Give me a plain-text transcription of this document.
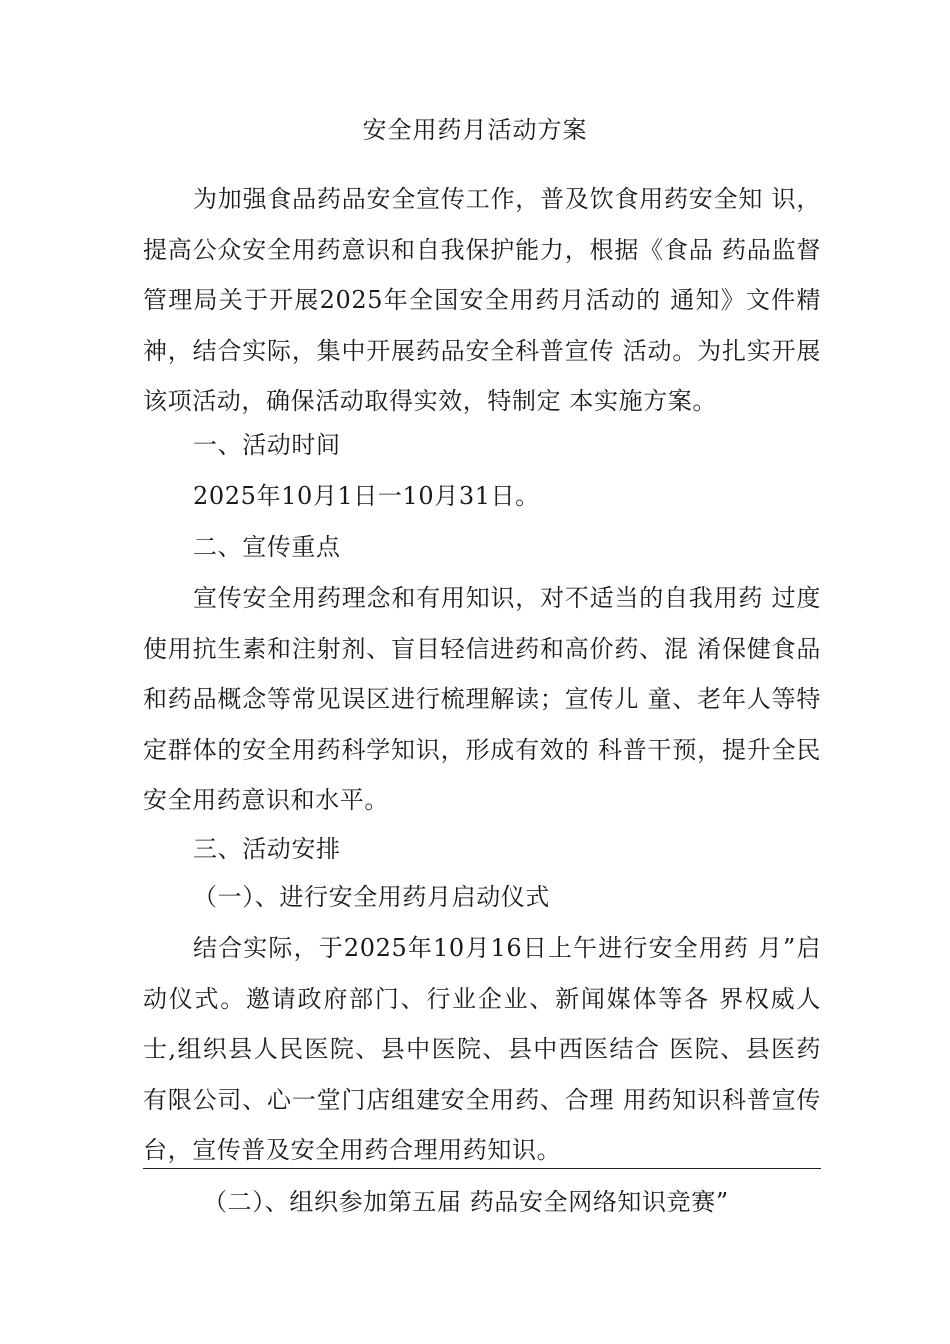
安全用药月活动方案
为加强食品药品安全宣传工作，普及饮食用药安全知 识，提高公众安全用药意识和自我保护能力，根据《食品 药品监督管理局关于开展2025年全国安全用药月活动的 通知》文件精神，结合实际，集中开展药品安全科普宣传 活动。为扎实开展该项活动，确保活动取得实效，特制定 本实施方案。
一、活动时间
2025年10月1日一10月31日。
二、宣传重点
宣传安全用药理念和有用知识，对不适当的自我用药 过度使用抗生素和注射剂、盲目轻信进药和高价药、混 淆保健食品和药品概念等常见误区进行梳理解读；宣传儿 童、老年人等特定群体的安全用药科学知识，形成有效的 科普干预，提升全民安全用药意识和水平。
三、活动安排
（一）、进行安全用药月启动仪式
结合实际，于2025年10月16日上午进行安全用药 月”启动仪式。邀请政府部门、行业企业、新闻媒体等各 界权威人士,组织县人民医院、县中医院、县中西医结合 医院、县医药有限公司、心一堂门店组建安全用药、合理 用药知识科普宣传台，宣传普及安全用药合理用药知识。
（二）、组织参加第五届 药品安全网络知识竞赛”
